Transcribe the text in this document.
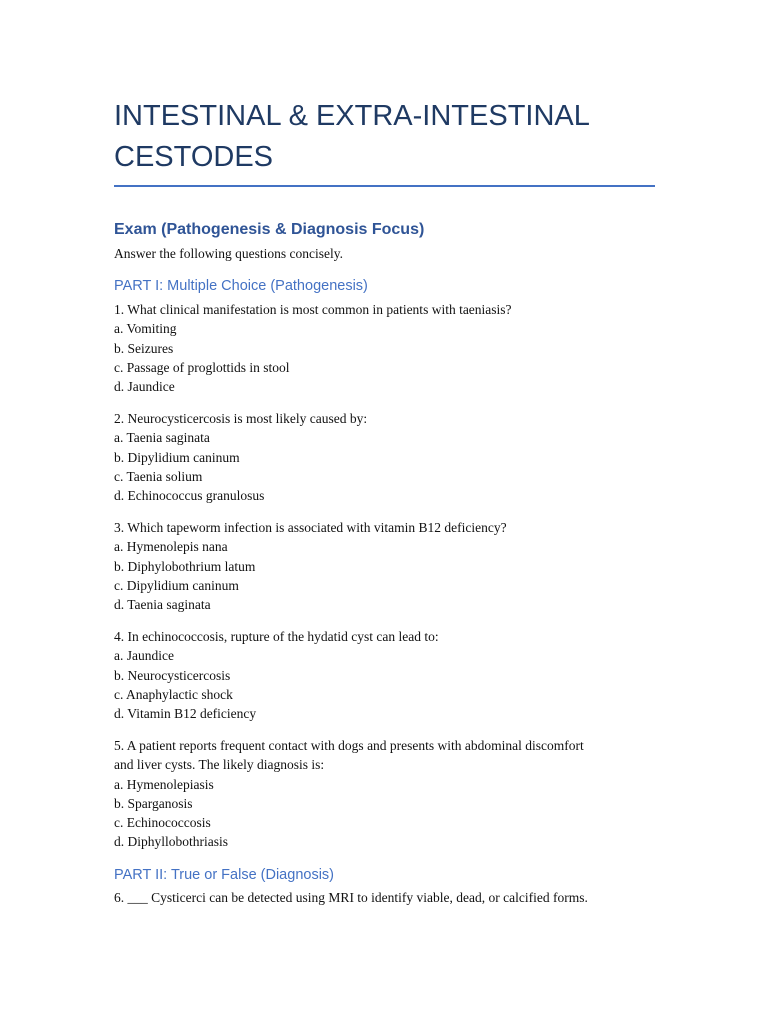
INTESTINAL & EXTRA-INTESTINAL CESTODES
Exam (Pathogenesis & Diagnosis Focus)

Answer the following questions concisely.

PART I: Multiple Choice (Pathogenesis)

1. What clinical manifestation is most common in patients with taeniasis?

a. Vomiting

b. Seizures

c. Passage of proglottids in stool

d. Jaundice

2. Neurocysticercosis is most likely caused by:

a. Taenia saginata

b. Dipylidium caninum

c. Taenia solium

d. Echinococcus granulosus

3. Which tapeworm infection is associated with vitamin B12 deficiency?

a. Hymenolepis nana

b. Diphylobothrium latum

c. Dipylidium caninum

d. Taenia saginata

4. In echinococcosis, rupture of the hydatid cyst can lead to:

a. Jaundice

b. Neurocysticercosis

c. Anaphylactic shock

d. Vitamin B12 deficiency

5. A patient reports frequent contact with dogs and presents with abdominal discomfort

and liver cysts. The likely diagnosis is:

a. Hymenolepiasis

b. Sparganosis

c. Echinococcosis

d. Diphyllobothriasis

PART II: True or False (Diagnosis)

6. ___ Cysticerci can be detected using MRI to identify viable, dead, or calcified forms.
